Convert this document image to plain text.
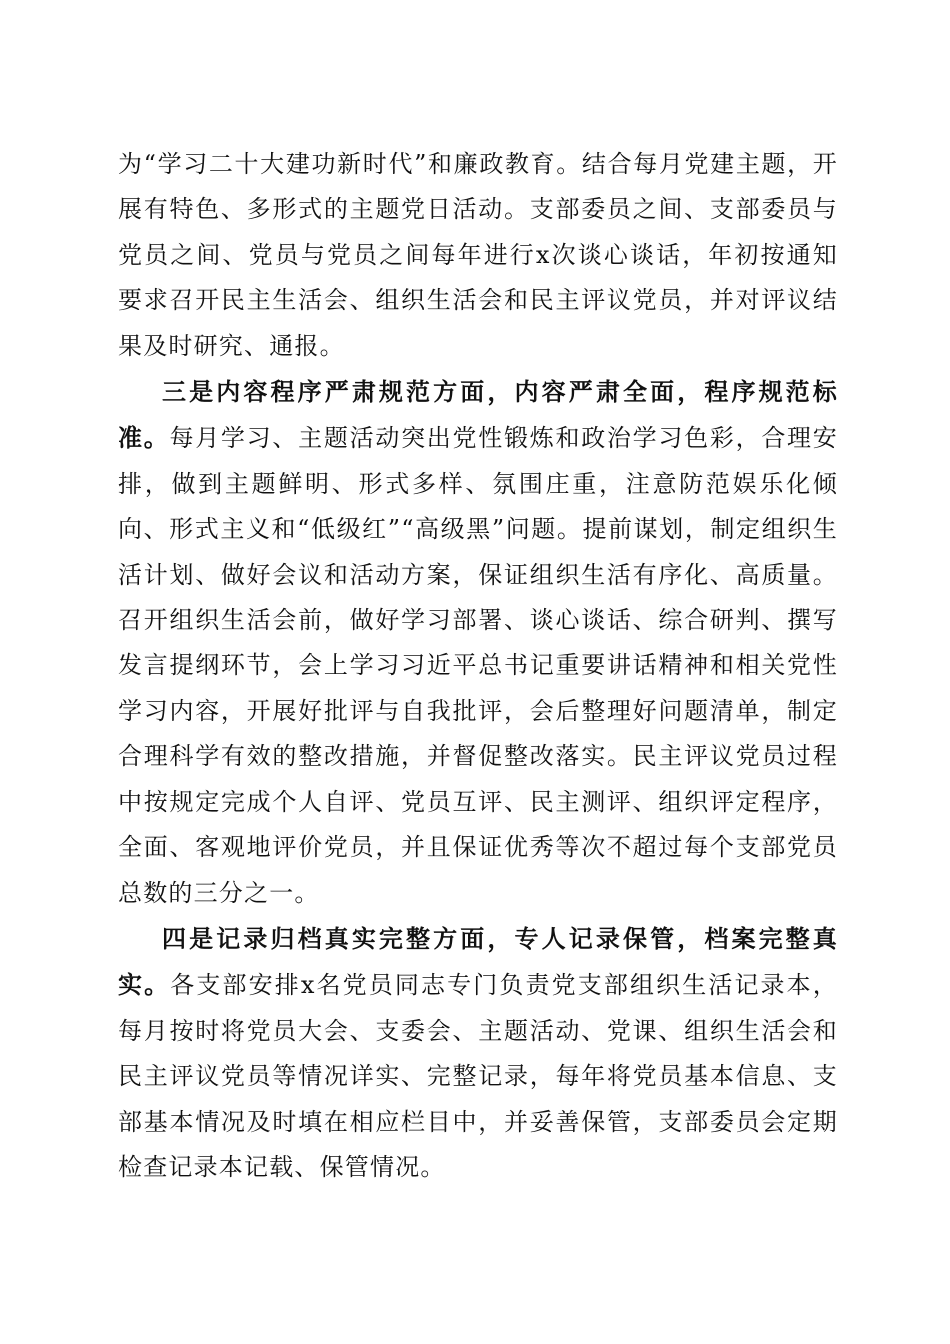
为“学习二十大建功新时代”和廉政教育。结合每月党建主题，开展有特色、多形式的主题党日活动。支部委员之间、支部委员与党员之间、党员与党员之间每年进行x次谈心谈话，年初按通知要求召开民主生活会、组织生活会和民主评议党员，并对评议结果及时研究、通报。

三是内容程序严肃规范方面，内容严肃全面，程序规范标准。每月学习、主题活动突出党性锻炼和政治学习色彩，合理安排，做到主题鲜明、形式多样、氛围庄重，注意防范娱乐化倾向、形式主义和“低级红”“高级黑”问题。提前谋划，制定组织生活计划、做好会议和活动方案，保证组织生活有序化、高质量。召开组织生活会前，做好学习部署、谈心谈话、综合研判、撰写发言提纲环节，会上学习习近平总书记重要讲话精神和相关党性学习内容，开展好批评与自我批评，会后整理好问题清单，制定合理科学有效的整改措施，并督促整改落实。民主评议党员过程中按规定完成个人自评、党员互评、民主测评、组织评定程序，全面、客观地评价党员，并且保证优秀等次不超过每个支部党员总数的三分之一。

四是记录归档真实完整方面，专人记录保管，档案完整真实。各支部安排x名党员同志专门负责党支部组织生活记录本，每月按时将党员大会、支委会、主题活动、党课、组织生活会和民主评议党员等情况详实、完整记录，每年将党员基本信息、支部基本情况及时填在相应栏目中，并妥善保管，支部委员会定期检查记录本记载、保管情况。
